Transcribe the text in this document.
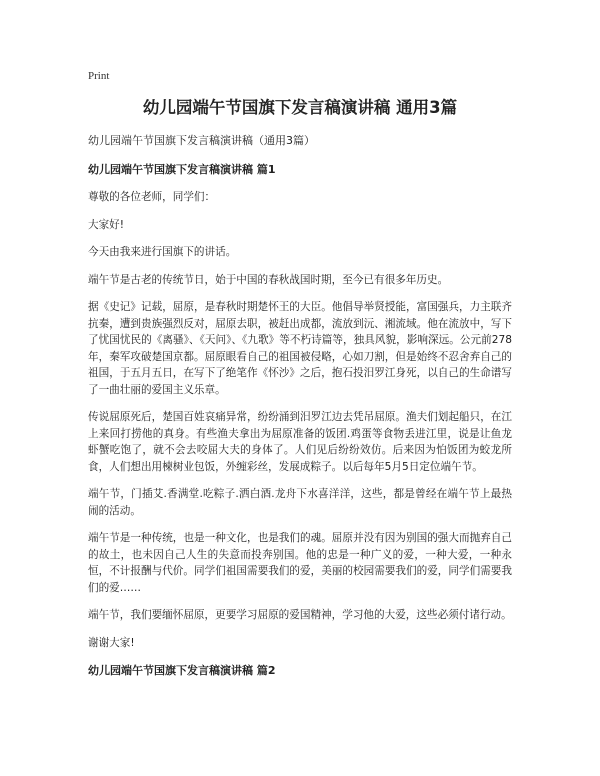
Print
幼儿园端午节国旗下发言稿演讲稿 通用3篇
幼儿园端午节国旗下发言稿演讲稿（通用3篇）
幼儿园端午节国旗下发言稿演讲稿 篇1

尊敬的各位老师，同学们：

大家好!

今天由我来进行国旗下的讲话。

端午节是古老的传统节日，始于中国的春秋战国时期，至今已有很多年历史。

据《史记》记载，屈原，是春秋时期楚怀王的大臣。他倡导举贤授能，富国强兵，力主联齐抗秦，遭到贵族强烈反对，屈原去职，被赶出成都，流放到沅、湘流域。他在流放中，写下了忧国忧民的《离骚》、《天问》、《九歌》等不朽诗篇等，独具风貌，影响深远。公元前278年，秦军攻破楚国京都。屈原眼看自己的祖国被侵略，心如刀割，但是始终不忍舍弃自己的祖国，于五月五日，在写下了绝笔作《怀沙》之后，抱石投汨罗江身死，以自己的生命谱写了一曲壮丽的爱国主义乐章。

传说屈原死后，楚国百姓哀痛异常，纷纷涌到汨罗江边去凭吊屈原。渔夫们划起船只，在江上来回打捞他的真身。有些渔夫拿出为屈原准备的饭团.鸡蛋等食物丢进江里，说是让鱼龙虾蟹吃饱了，就不会去咬屈大夫的身体了。人们见后纷纷效仿。后来因为怕饭团为蛟龙所食，人们想出用楝树业包饭，外缠彩丝，发展成粽子。以后每年5月5日定位端午节。

端午节，门插艾.香满堂.吃粽子.洒白酒.龙舟下水喜洋洋，这些，都是曾经在端午节上最热闹的活动。

端午节是一种传统，也是一种文化，也是我们的魂。屈原并没有因为别国的强大而抛弃自己的故土，也未因自己人生的失意而投奔别国。他的忠是一种广义的爱，一种大爱，一种永恒，不计报酬与代价。同学们祖国需要我们的爱，美丽的校园需要我们的爱，同学们需要我们的爱……

端午节，我们要缅怀屈原，更要学习屈原的爱国精神，学习他的大爱，这些必须付诸行动。

谢谢大家!

幼儿园端午节国旗下发言稿演讲稿 篇2
